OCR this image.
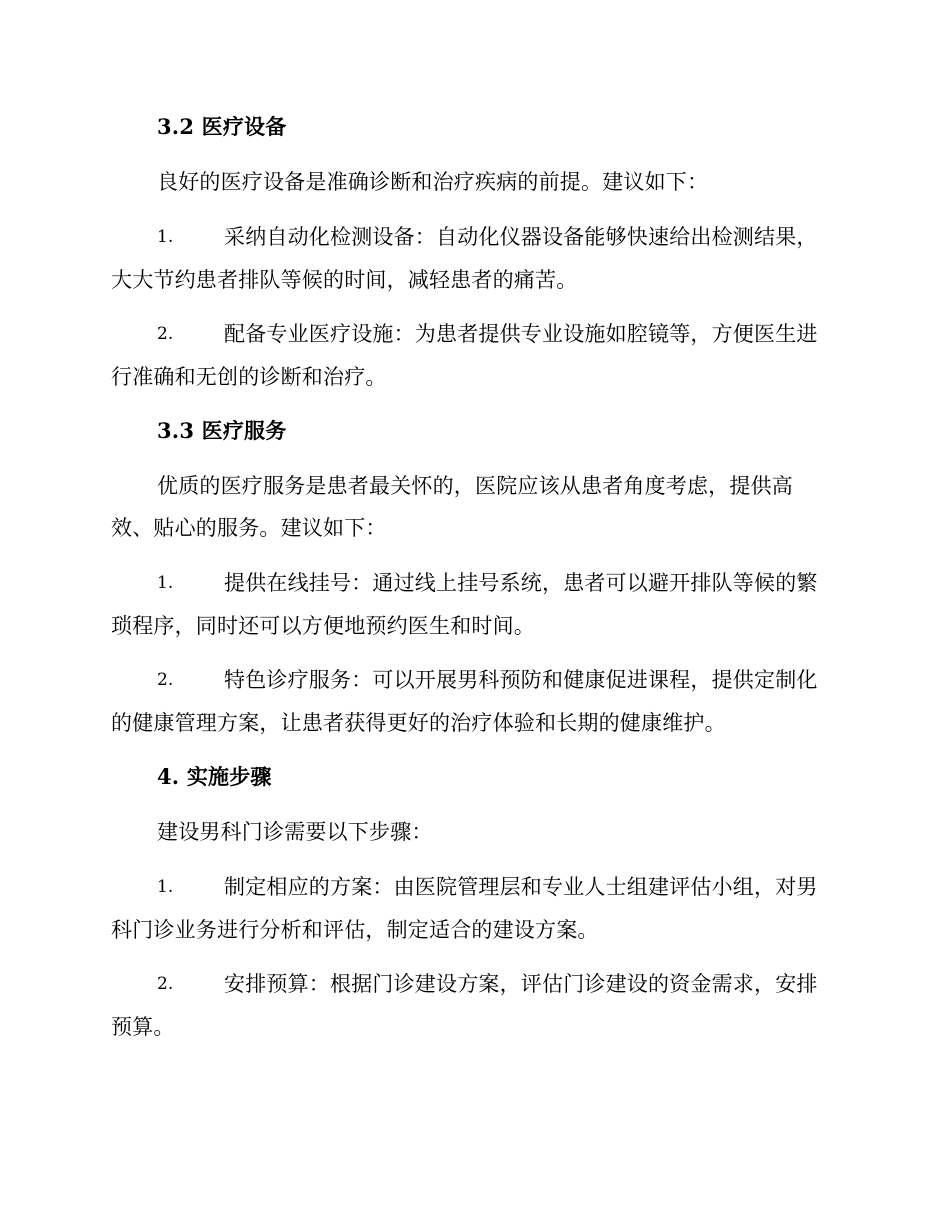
3.2 医疗设备
良好的医疗设备是准确诊断和治疗疾病的前提。建议如下：
1. 采纳自动化检测设备：自动化仪器设备能够快速给出检测结果，
大大节约患者排队等候的时间，减轻患者的痛苦。
2. 配备专业医疗设施：为患者提供专业设施如腔镜等，方便医生进
行准确和无创的诊断和治疗。
3.3 医疗服务
优质的医疗服务是患者最关怀的，医院应该从患者角度考虑，提供高
效、贴心的服务。建议如下：
1. 提供在线挂号：通过线上挂号系统，患者可以避开排队等候的繁
琐程序，同时还可以方便地预约医生和时间。
2. 特色诊疗服务：可以开展男科预防和健康促进课程，提供定制化
的健康管理方案，让患者获得更好的治疗体验和长期的健康维护。
4. 实施步骤
建设男科门诊需要以下步骤：
1. 制定相应的方案：由医院管理层和专业人士组建评估小组，对男
科门诊业务进行分析和评估，制定适合的建设方案。
2. 安排预算：根据门诊建设方案，评估门诊建设的资金需求，安排
预算。
